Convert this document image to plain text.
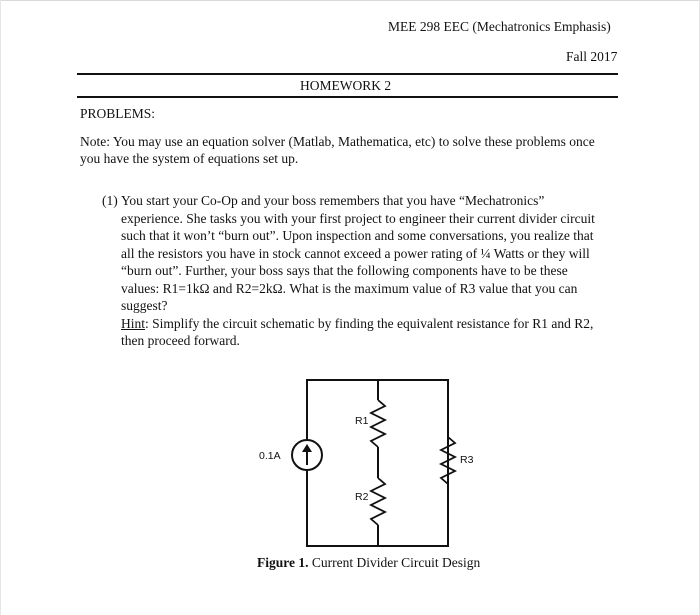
MEE 298 EEC (Mechatronics Emphasis)
Fall 2017
HOMEWORK 2
PROBLEMS:
Note: You may use an equation solver (Matlab, Mathematica, etc) to solve these problems once
you have the system of equations set up.
(1) You start your Co-Op and your boss remembers that you have “Mechatronics”
experience. She tasks you with your first project to engineer their current divider circuit
such that it won’t “burn out”. Upon inspection and some conversations, you realize that
all the resistors you have in stock cannot exceed a power rating of ¼ Watts or they will
“burn out”. Further, your boss says that the following components have to be these
values: R1=1kΩ and R2=2kΩ. What is the maximum value of R3 value that you can
suggest?
Hint: Simplify the circuit schematic by finding the equivalent resistance for R1 and R2,
then proceed forward.
0.1A
R1
R2
R3
Figure 1. Current Divider Circuit Design
